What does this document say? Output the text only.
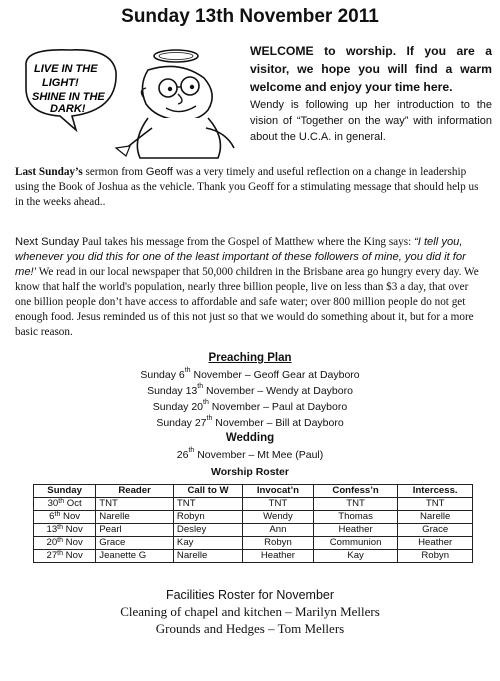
Sunday 13th November 2011
LIVE IN THE
LIGHT!
SHINE IN THE
DARK!
WELCOME to worship. If you are a visitor, we hope you will find a warm welcome and enjoy your time here.
Wendy is following up her introduction to the vision of “Together on the way” with information about the U.C.A. in general.
Last Sunday’s sermon from Geoff was a very timely and useful reflection on a change in leadership using the Book of Joshua as the vehicle. Thank you Geoff for a stimulating message that should help us in the weeks ahead..
Next Sunday Paul takes his message from the Gospel of Matthew where the King says: “I tell you, whenever you did this for one of the least important of these followers of mine, you did it for me!’ We read in our local newspaper that 50,000 children in the Brisbane area go hungry every day. We know that half the world's population, nearly three billion people, live on less than $3 a day, that over one billion people don’t have access to affordable and safe water; over 800 million people do not get enough food. Jesus reminded us of this not just so that we would do something about it, but for a more basic reason.
Preaching Plan
Sunday 6th November – Geoff Gear at Dayboro
Sunday 13th November – Wendy at Dayboro
Sunday 20th November – Paul at Dayboro
Sunday 27th November – Bill at Dayboro
Wedding
26th November – Mt Mee (Paul)
Worship Roster
Sunday	Reader	Call to W	Invocat’n	Confess’n	Intercess.
30th Oct	TNT	TNT	TNT	TNT	TNT
6th Nov	Narelle	Robyn	Wendy	Thomas	Narelle
13th Nov	Pearl	Desley	Ann	Heather	Grace
20th Nov	Grace	Kay	Robyn	Communion	Heather
27th Nov	Jeanette G	Narelle	Heather	Kay	Robyn
Facilities Roster for November
Cleaning of chapel and kitchen – Marilyn Mellers
Grounds and Hedges – Tom Mellers
